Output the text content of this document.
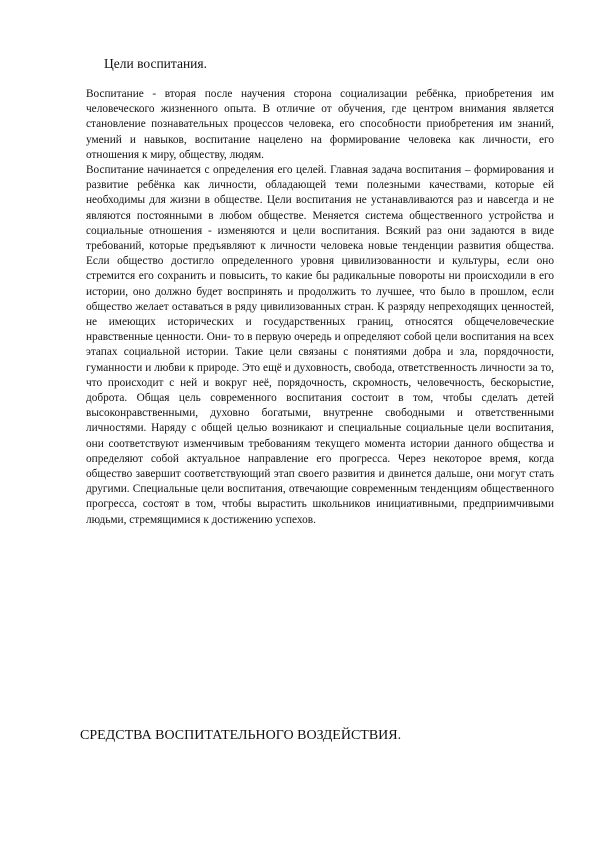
Цели воспитания.

Воспитание - вторая после научения сторона социализации ребёнка, приобретения им человеческого жизненного опыта. В отличие от обучения, где центром внимания является становление познавательных процессов человека, его способности приобретения им знаний, умений и навыков, воспитание нацелено на формирование человека как личности, его отношения к миру, обществу, людям.

Воспитание начинается с определения его целей. Главная задача воспитания – формирования и развитие ребёнка как личности, обладающей теми полезными качествами, которые ей необходимы для жизни в обществе. Цели воспитания не устанавливаются раз и навсегда и не являются постоянными в любом обществе. Меняется система общественного устройства и социальные отношения - изменяются и цели воспитания. Всякий раз они задаются в виде требований, которые предъявляют к личности человека новые тенденции развития общества. Если общество достигло определенного уровня цивилизованности и культуры, если оно стремится его сохранить и повысить, то какие бы радикальные повороты ни происходили в его истории, оно должно будет воспринять и продолжить то лучшее, что было в прошлом, если общество желает оставаться в ряду цивилизованных стран. К разряду непреходящих ценностей, не имеющих исторических и государственных границ, относятся общечеловеческие нравственные ценности. Они- то в первую очередь и определяют собой цели воспитания на всех этапах социальной истории. Такие цели связаны с понятиями добра и зла, порядочности, гуманности и любви к природе. Это ещё и духовность, свобода, ответственность личности за то, что происходит с ней и вокруг неё, порядочность, скромность, человечность, бескорыстие, доброта. Общая цель современного воспитания состоит в том, чтобы сделать детей высоконравственными, духовно богатыми, внутренне свободными и ответственными личностями. Наряду с общей целью возникают и специальные социальные цели воспитания, они соответствуют изменчивым требованиям текущего момента истории данного общества и определяют собой актуальное направление его прогресса. Через некоторое время, когда общество завершит соответствующий этап своего развития и двинется дальше, они могут стать другими. Специальные цели воспитания, отвечающие современным тенденциям общественного прогресса, состоят в том, чтобы вырастить школьников инициативными, предприимчивыми людьми, стремящимися к достижению успехов.

СРЕДСТВА ВОСПИТАТЕЛЬНОГО ВОЗДЕЙСТВИЯ.
